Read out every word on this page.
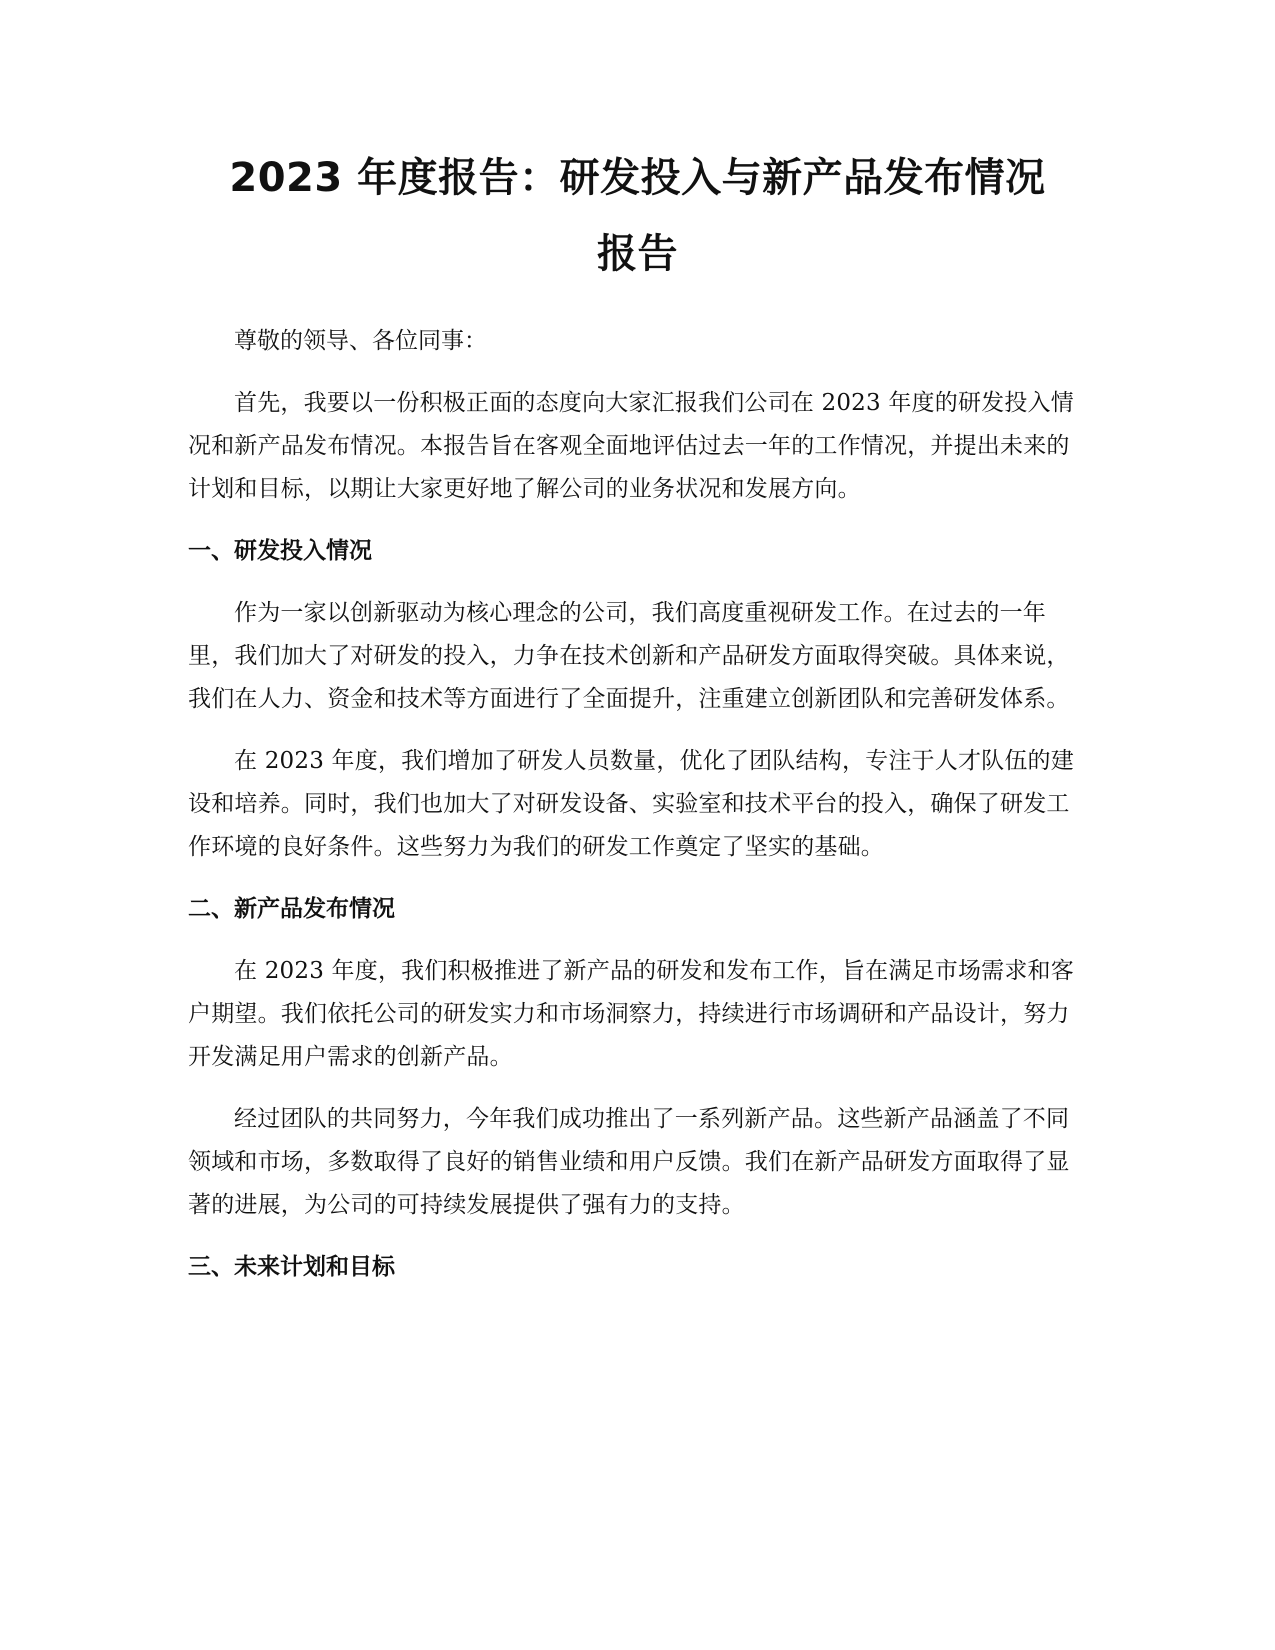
2023 年度报告：研发投入与新产品发布情况
报告

尊敬的领导、各位同事：

首先，我要以一份积极正面的态度向大家汇报我们公司在 2023 年度的研发投入情况和新产品发布情况。本报告旨在客观全面地评估过去一年的工作情况，并提出未来的计划和目标，以期让大家更好地了解公司的业务状况和发展方向。

一、研发投入情况

作为一家以创新驱动为核心理念的公司，我们高度重视研发工作。在过去的一年里，我们加大了对研发的投入，力争在技术创新和产品研发方面取得突破。具体来说，我们在人力、资金和技术等方面进行了全面提升，注重建立创新团队和完善研发体系。

在 2023 年度，我们增加了研发人员数量，优化了团队结构，专注于人才队伍的建设和培养。同时，我们也加大了对研发设备、实验室和技术平台的投入，确保了研发工作环境的良好条件。这些努力为我们的研发工作奠定了坚实的基础。

二、新产品发布情况

在 2023 年度，我们积极推进了新产品的研发和发布工作，旨在满足市场需求和客户期望。我们依托公司的研发实力和市场洞察力，持续进行市场调研和产品设计，努力开发满足用户需求的创新产品。

经过团队的共同努力，今年我们成功推出了一系列新产品。这些新产品涵盖了不同领域和市场，多数取得了良好的销售业绩和用户反馈。我们在新产品研发方面取得了显著的进展，为公司的可持续发展提供了强有力的支持。

三、未来计划和目标
